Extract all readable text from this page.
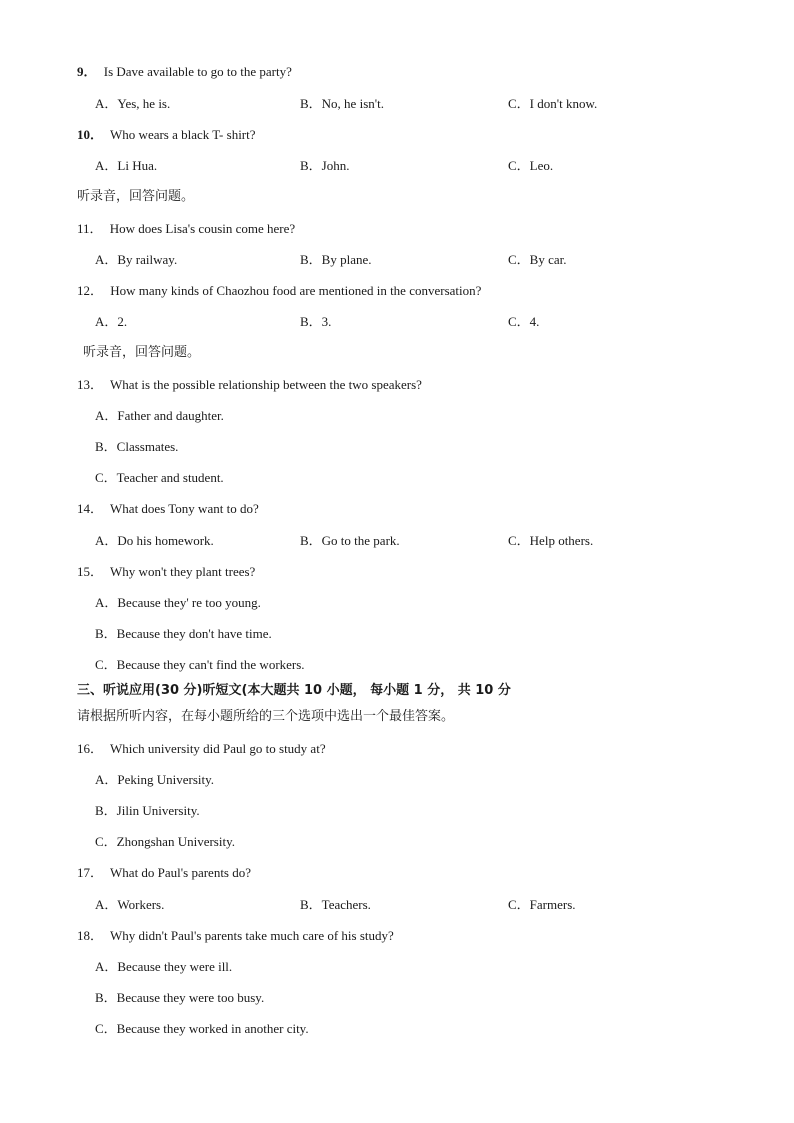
9． Is Dave available to go to the party?
A．Yes, he is.	B．No, he isn't.	C．I don't know.
10． Who wears a black T- shirt?
A．Li Hua.	B．John.	C．Leo.
听录音，回答问题。
11． How does Lisa's cousin come here?
A．By railway.	B．By plane.	C．By car.
12． How many kinds of Chaozhou food are mentioned in the conversation?
A．2.	B．3.	C．4.
听录音，回答问题。
13． What is the possible relationship between the two speakers?
A．Father and daughter.
B．Classmates.
C．Teacher and student.
14． What does Tony want to do?
A．Do his homework.	B．Go to the park.	C．Help others.
15． Why won't they plant trees?
A．Because they' re too young.
B．Because they don't have time.
C．Because they can't find the workers.
三、听说应用(30 分)听短文(本大题共 10 小题， 每小题 1 分， 共 10 分
请根据所听内容，在每小题所给的三个选项中选出一个最佳答案。
16． Which university did Paul go to study at?
A．Peking University.
B．Jilin University.
C．Zhongshan University.
17． What do Paul's parents do?
A．Workers.	B．Teachers.	C．Farmers.
18． Why didn't Paul's parents take much care of his study?
A．Because they were ill.
B．Because they were too busy.
C．Because they worked in another city.
